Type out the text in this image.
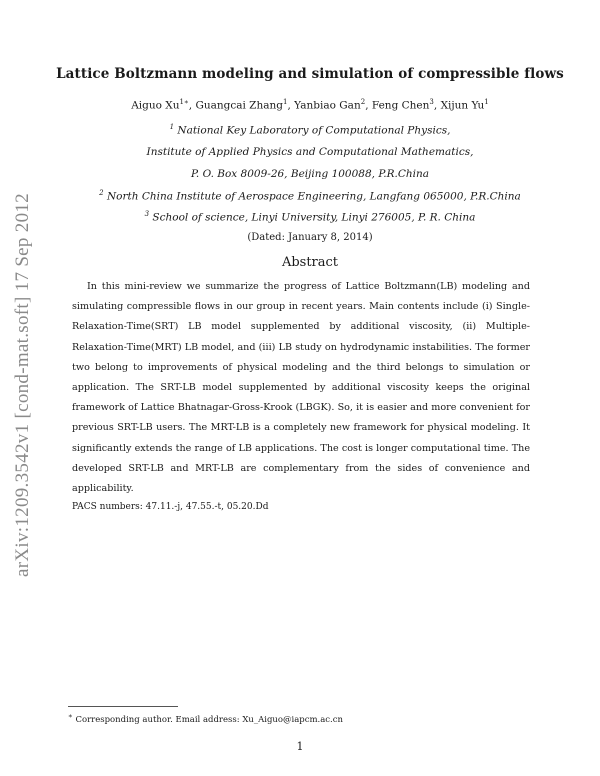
arXiv:1209.3542v1 [cond-mat.soft] 17 Sep 2012
Lattice Boltzmann modeling and simulation of compressible flows
Aiguo $Xu^{1∗}$, Guangcai Zhang$^1$, Yanbiao Gan$^2$, Feng Chen$^3$, Xijun Yu$^1$
$^1$ National Key Laboratory of Computational Physics,
Institute of Applied Physics and Computational Mathematics,
P. O. Box 8009-26, Beijing 100088, P.R.China
$^2$ North China Institute of Aerospace Engineering, Langfang 065000, P.R.China
$^3$ School of science, Linyi University, Linyi 276005, P. R. China
(Dated: January 8, 2014)
Abstract

In this mini-review we summarize the progress of Lattice Boltzmann(LB) modeling and simulating compressible flows in our group in recent years. Main contents include (i) Single-Relaxation-Time(SRT) LB model supplemented by additional viscosity, (ii) Multiple-Relaxation-Time(MRT) LB model, and (iii) LB study on hydrodynamic instabilities. The former two belong to improvements of physical modeling and the third belongs to simulation or application. The SRT-LB model supplemented by additional viscosity keeps the original framework of Lattice Bhatnagar-Gross-Krook (LBGK). So, it is easier and more convenient for previous SRT-LB users. The MRT-LB is a completely new framework for physical modeling. It significantly extends the range of LB applications. The cost is longer computational time. The developed SRT-LB and MRT-LB are complementary from the sides of convenience and applicability.

PACS numbers: 47.11.-j, 47.55.-t, 05.20.Dd
∗ Corresponding author. Email address: Xu_Aiguo@iapcm.ac.cn
1
